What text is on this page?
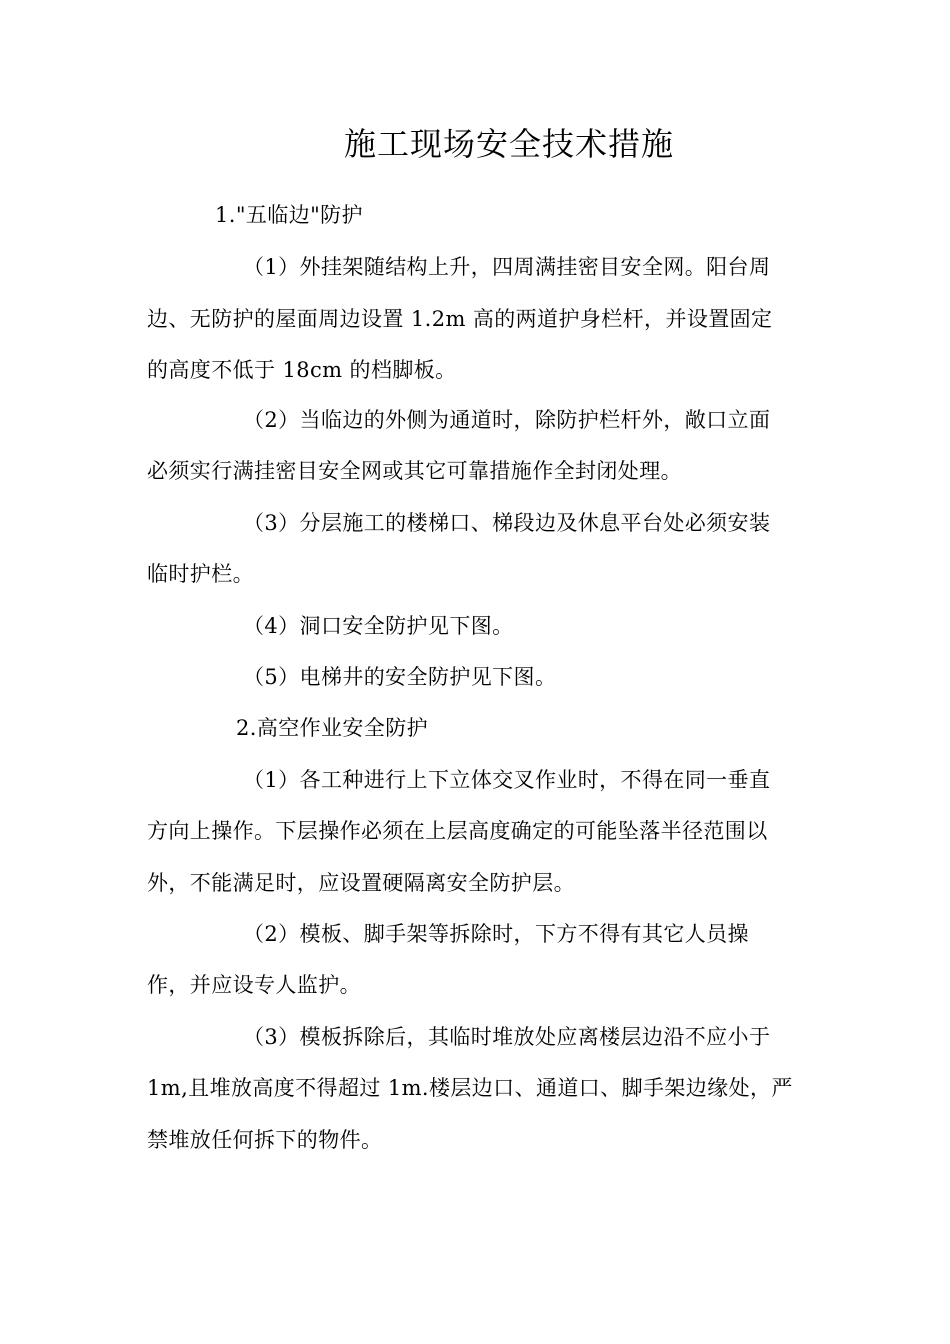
施工现场安全技术措施
1."五临边"防护
（1）外挂架随结构上升，四周满挂密目安全网。阳台周
边、无防护的屋面周边设置 1.2m 高的两道护身栏杆，并设置固定
的高度不低于 18cm 的档脚板。
（2）当临边的外侧为通道时，除防护栏杆外，敞口立面
必须实行满挂密目安全网或其它可靠措施作全封闭处理。
（3）分层施工的楼梯口、梯段边及休息平台处必须安装
临时护栏。
（4）洞口安全防护见下图。
（5）电梯井的安全防护见下图。
2.高空作业安全防护
（1）各工种进行上下立体交叉作业时，不得在同一垂直
方向上操作。下层操作必须在上层高度确定的可能坠落半径范围以
外，不能满足时，应设置硬隔离安全防护层。
（2）模板、脚手架等拆除时，下方不得有其它人员操
作，并应设专人监护。
（3）模板拆除后，其临时堆放处应离楼层边沿不应小于
1m,且堆放高度不得超过 1m.楼层边口、通道口、脚手架边缘处，严
禁堆放任何拆下的物件。
